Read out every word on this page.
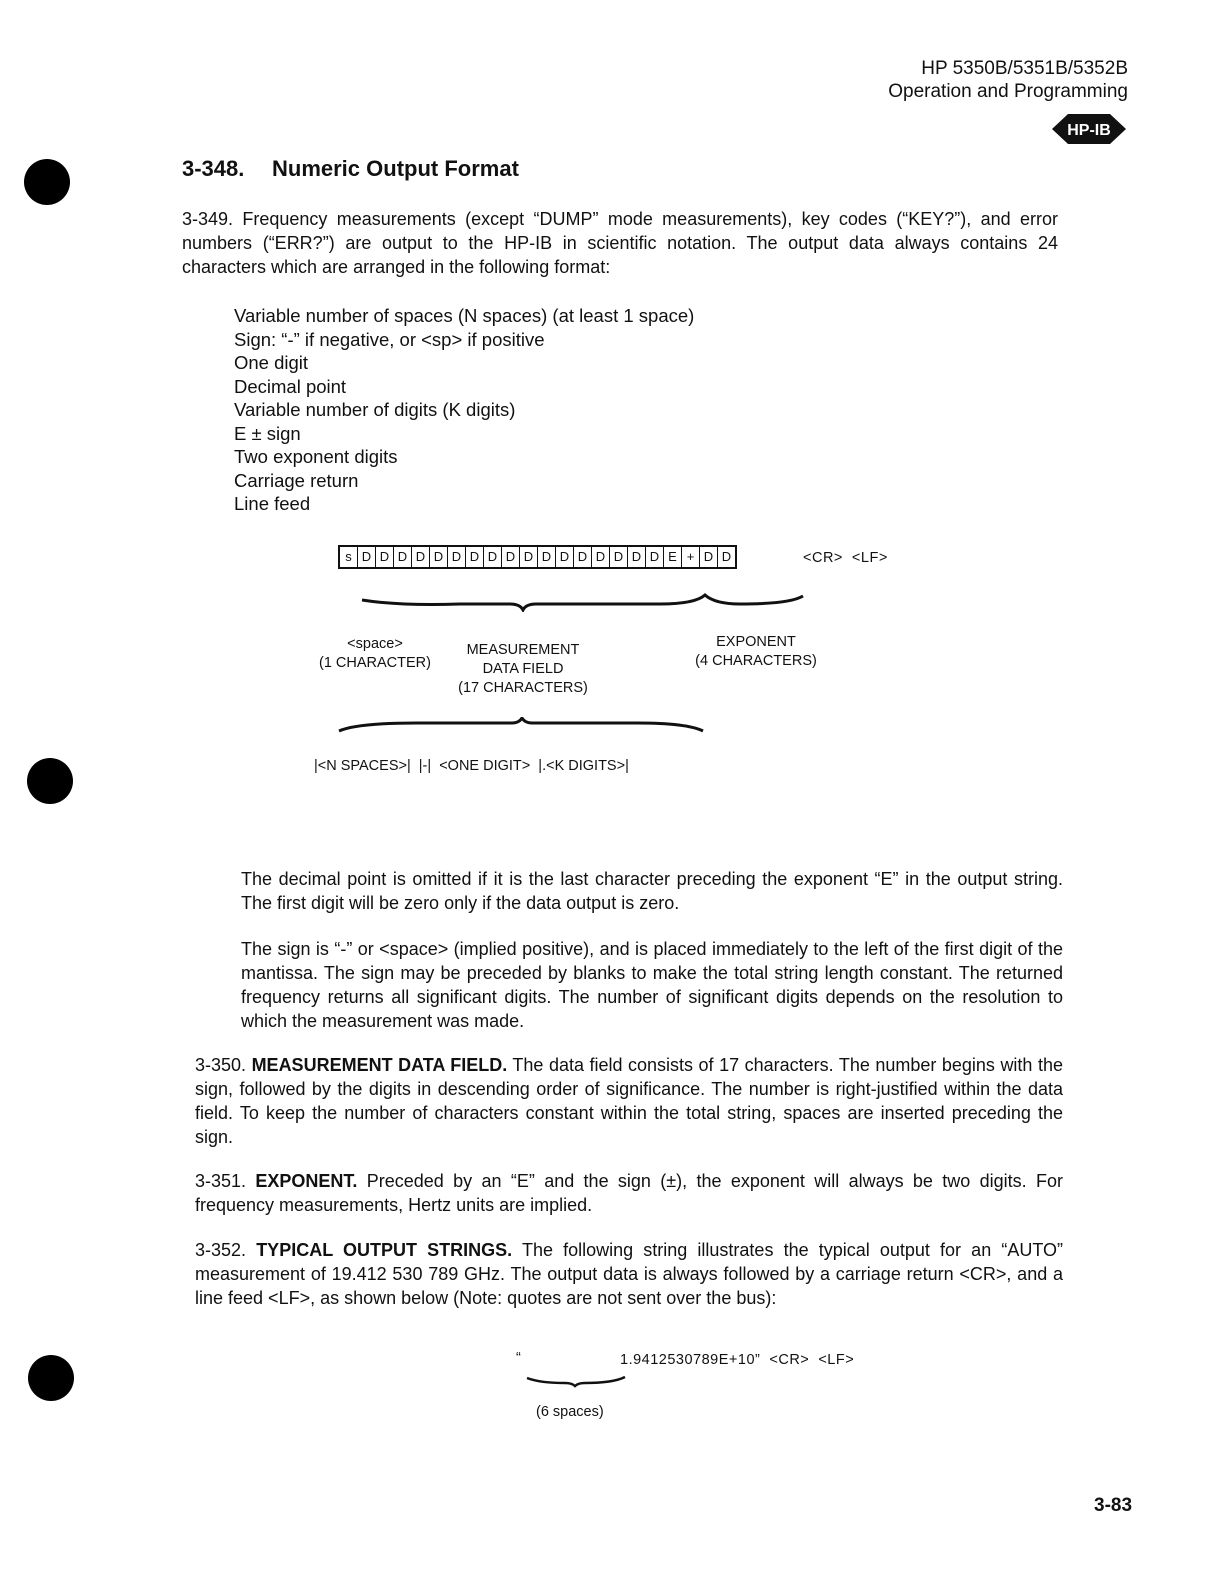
HP 5350B/5351B/5352B
Operation and Programming
HP-IB
3-348. Numeric Output Format
3-349. Frequency measurements (except “DUMP” mode measurements), key codes (“KEY?”), and error numbers (“ERR?”) are output to the HP-IB in scientific notation. The output data always contains 24 characters which are arranged in the following format:
Variable number of spaces (N spaces) (at least 1 space)
Sign: “-” if negative, or <sp> if positive
One digit
Decimal point
Variable number of digits (K digits)
E ± sign
Two exponent digits
Carriage return
Line feed
s D D D D D D D D D D D D D D D D D E + D D	<CR>  <LF>
<space>
(1 CHARACTER)
MEASUREMENT
DATA FIELD
(17 CHARACTERS)
EXPONENT
(4 CHARACTERS)
|<N SPACES>|  |-|  <ONE DIGIT>  |.<K DIGITS>|
The decimal point is omitted if it is the last character preceding the exponent “E” in the output string. The first digit will be zero only if the data output is zero.
The sign is “-” or <space> (implied positive), and is placed immediately to the left of the first digit of the mantissa. The sign may be preceded by blanks to make the total string length constant. The returned frequency returns all significant digits. The number of significant digits depends on the resolution to which the measurement was made.
3-350. MEASUREMENT DATA FIELD. The data field consists of 17 characters. The number begins with the sign, followed by the digits in descending order of significance. The number is right-justified within the data field. To keep the number of characters constant within the total string, spaces are inserted preceding the sign.
3-351. EXPONENT. Preceded by an “E” and the sign (±), the exponent will always be two digits. For frequency measurements, Hertz units are implied.
3-352. TYPICAL OUTPUT STRINGS. The following string illustrates the typical output for an “AUTO” measurement of 19.412 530 789 GHz. The output data is always followed by a carriage return <CR>, and a line feed <LF>, as shown below (Note: quotes are not sent over the bus):
“	1.9412530789E+10”  <CR>  <LF>
(6 spaces)
3-83
